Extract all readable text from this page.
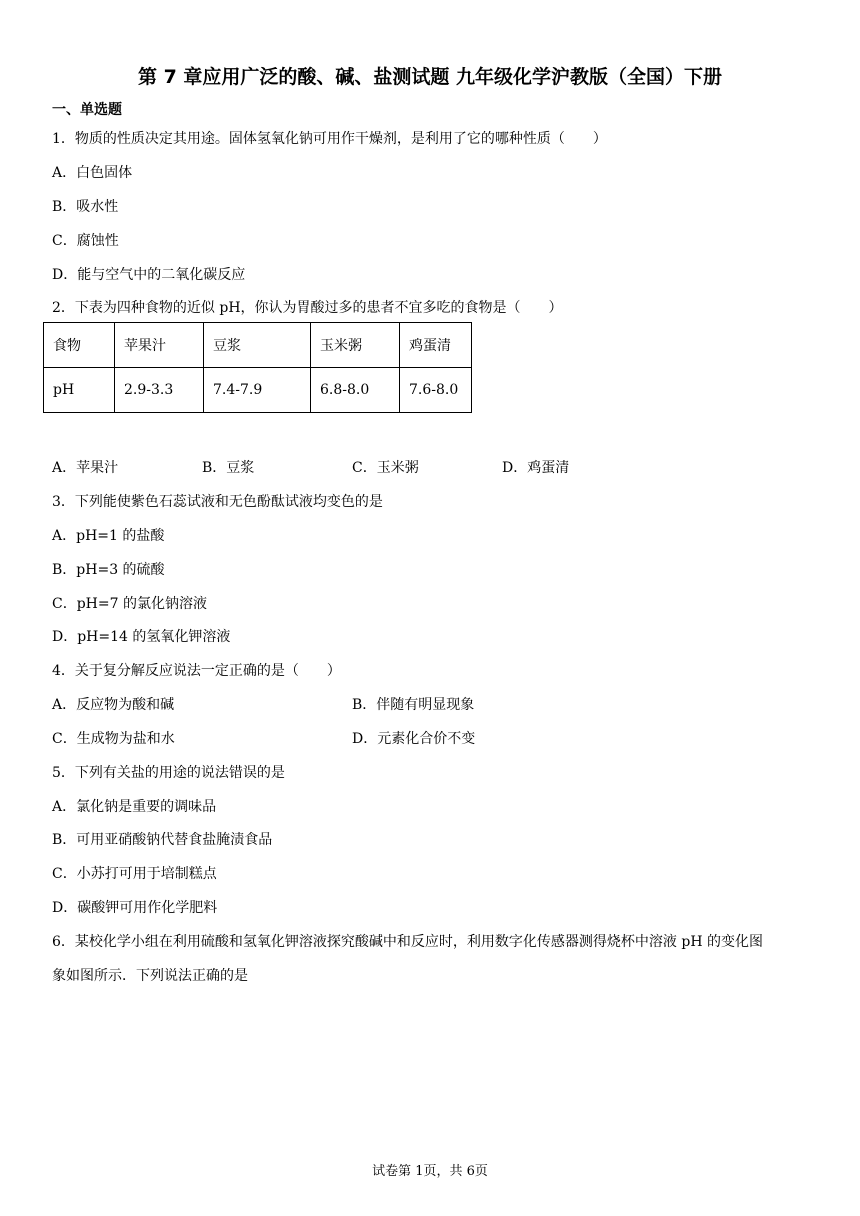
第 7 章应用广泛的酸、碱、盐测试题 九年级化学沪教版（全国）下册
一、单选题
1．物质的性质决定其用途。固体氢氧化钠可用作干燥剂，是利用了它的哪种性质（　　）
A．白色固体
B．吸水性
C．腐蚀性
D．能与空气中的二氧化碳反应
2．下表为四种食物的近似 pH，你认为胃酸过多的患者不宜多吃的食物是（　　）
食物	苹果汁	豆浆	玉米粥	鸡蛋清
pH	2.9-3.3	7.4-7.9	6.8-8.0	7.6-8.0
A．苹果汁	B．豆浆	C．玉米粥	D．鸡蛋清
3．下列能使紫色石蕊试液和无色酚酞试液均变色的是
A．pH=1 的盐酸
B．pH=3 的硫酸
C．pH=7 的氯化钠溶液
D．pH=14 的氢氧化钾溶液
4．关于复分解反应说法一定正确的是（　　）
A．反应物为酸和碱	B．伴随有明显现象
C．生成物为盐和水	D．元素化合价不变
5．下列有关盐的用途的说法错误的是
A．氯化钠是重要的调味品
B．可用亚硝酸钠代替食盐腌渍食品
C．小苏打可用于培制糕点
D．碳酸钾可用作化学肥料
6．某校化学小组在利用硫酸和氢氧化钾溶液探究酸碱中和反应时，利用数字化传感器测得烧杯中溶液 pH 的变化图
象如图所示．下列说法正确的是
试卷第 1页，共 6页
